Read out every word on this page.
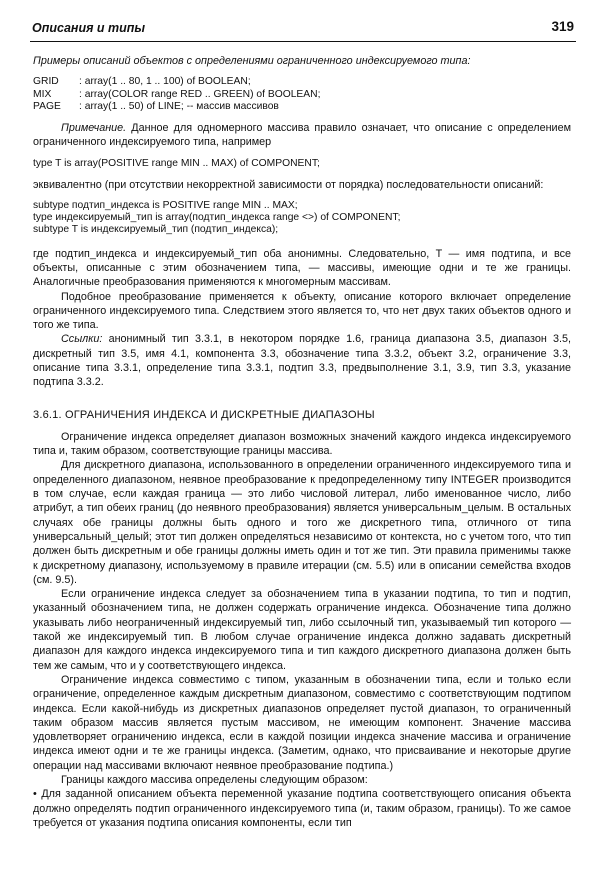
Описания и типы	319

Примеры описаний объектов с определениями ограниченного индексируемого типа:

GRID	: array(1 .. 80, 1 .. 100) of BOOLEAN;
MIX	: array(COLOR range RED .. GREEN) of BOOLEAN;
PAGE	: array(1 .. 50) of LINE; -- массив массивов

Примечание. Данное для одномерного массива правило означает, что описание с определением ограниченного индексируемого типа, например

type T is array(POSITIVE range MIN .. MAX) of COMPONENT;

эквивалентно (при отсутствии некорректной зависимости от порядка) последовательности описаний:

subtype подтип_индекса is POSITIVE range MIN .. MAX;
type индексируемый_тип is array(подтип_индекса range <>) of COMPONENT;
subtype T is индексируемый_тип (подтип_индекса);

где подтип_индекса и индексируемый_тип оба анонимны. Следовательно, T — имя подтипа, и все объекты, описанные с этим обозначением типа, — массивы, имеющие одни и те же границы. Аналогичные преобразования применяются к многомерным массивам.

Подобное преобразование применяется к объекту, описание которого включает определение ограниченного индексируемого типа. Следствием этого является то, что нет двух таких объектов одного и того же типа.

Ссылки: анонимный тип 3.3.1, в некотором порядке 1.6, граница диапазона 3.5, диапазон 3.5, дискретный тип 3.5, имя 4.1, компонента 3.3, обозначение типа 3.3.2, объект 3.2, ограничение 3.3, описание типа 3.3.1, определение типа 3.3.1, подтип 3.3, предвыполнение 3.1, 3.9, тип 3.3, указание подтипа 3.3.2.

3.6.1. ОГРАНИЧЕНИЯ ИНДЕКСА И ДИСКРЕТНЫЕ ДИАПАЗОНЫ

Ограничение индекса определяет диапазон возможных значений каждого индекса индексируемого типа и, таким образом, соответствующие границы массива.

Для дискретного диапазона, использованного в определении ограниченного индексируемого типа и определенного диапазоном, неявное преобразование к предопределенному типу INTEGER производится в том случае, если каждая граница — это либо числовой литерал, либо именованное число, либо атрибут, а тип обеих границ (до неявного преобразования) является универсальным_целым. В остальных случаях обе границы должны быть одного и того же дискретного типа, отличного от типа универсальный_целый; этот тип должен определяться независимо от контекста, но с учетом того, что тип должен быть дискретным и обе границы должны иметь один и тот же тип. Эти правила применимы также к дискретному диапазону, используемому в правиле итерации (см. 5.5) или в описании семейства входов (см. 9.5).

Если ограничение индекса следует за обозначением типа в указании подтипа, то тип и подтип, указанный обозначением типа, не должен содержать ограничение индекса. Обозначение типа должно указывать либо неограниченный индексируемый тип, либо ссылочный тип, указываемый тип которого — такой же индексируемый тип. В любом случае ограничение индекса должно задавать дискретный диапазон для каждого индекса индексируемого типа и тип каждого дискретного диапазона должен быть тем же самым, что и у соответствующего индекса.

Ограничение индекса совместимо с типом, указанным в обозначении типа, если и только если ограничение, определенное каждым дискретным диапазоном, совместимо с соответствующим подтипом индекса. Если какой-нибудь из дискретных диапазонов определяет пустой диапазон, то ограниченный таким образом массив является пустым массивом, не имеющим компонент. Значение массива удовлетворяет ограничению индекса, если в каждой позиции индекса значение массива и ограничение индекса имеют одни и те же границы индекса. (Заметим, однако, что присваивание и некоторые другие операции над массивами включают неявное преобразование подтипа.)

Границы каждого массива определены следующим образом:

• Для заданной описанием объекта переменной указание подтипа соответствующего описания объекта должно определять подтип ограниченного индексируемого типа (и, таким образом, границы). То же самое требуется от указания подтипа описания компоненты, если тип
